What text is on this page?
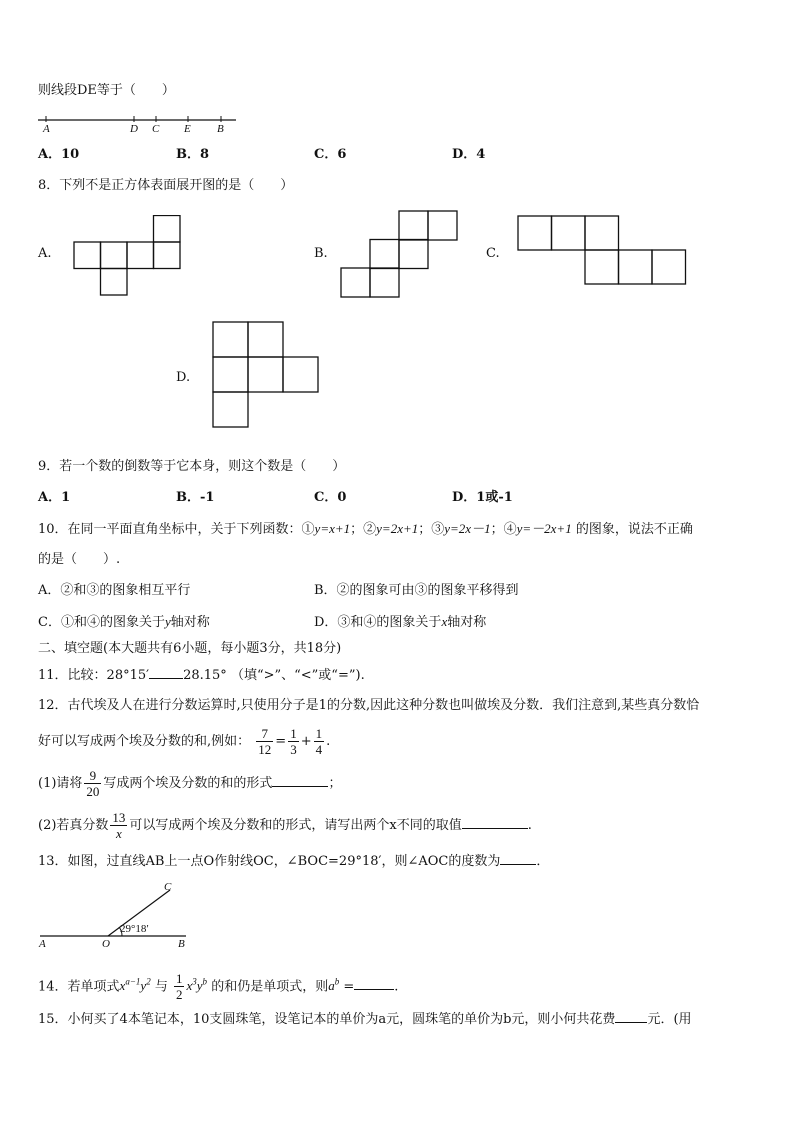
则线段DE等于（　　）
A	D C E B
A．10	B．8	C．6	D．4
8．下列不是正方体表面展开图的是（　　）
A.	B.	C.
D.
9．若一个数的倒数等于它本身，则这个数是（　　）
A．1	B．-1	C．0	D．1或-1
10．在同一平面直角坐标中，关于下列函数：①y=x+1；②y=2x+1；③y=2x－1；④y=－2x+1 的图象，说法不正确
的是（　　）.
A．②和③的图象相互平行	B．②的图象可由③的图象平移得到
C．①和④的图象关于y轴对称	D．③和④的图象关于x轴对称
二、填空题(本大题共有6小题，每小题3分，共18分)
11．比较：28°15′	28.15° （填“>”、“<”或“=”).
12．古代埃及人在进行分数运算时,只使用分子是1的分数,因此这种分数也叫做埃及分数．我们注意到,某些真分数恰
好可以写成两个埃及分数的和,例如： $\frac{7}{12} = \frac{1}{3} + \frac{1}{4}$ .
(1)请将 $\frac{9}{20}$ 写成两个埃及分数的和的形式	；
(2)若真分数 $\frac{13}{x}$ 可以写成两个埃及分数和的形式，请写出两个x不同的取值	.
13．如图，过直线AB上一点O作射线OC，∠BOC=29°18′，则∠AOC的度数为	．
C
A	O	B
29°18′
14．若单项式$x^{a-1}y^2$ 与 $\frac{1}{2} x^3y^b$ 的和仍是单项式，则$a^b$ =	.
15．小何买了4本笔记本，10支圆珠笔，设笔记本的单价为a元，圆珠笔的单价为b元，则小何共花费 元．(用
